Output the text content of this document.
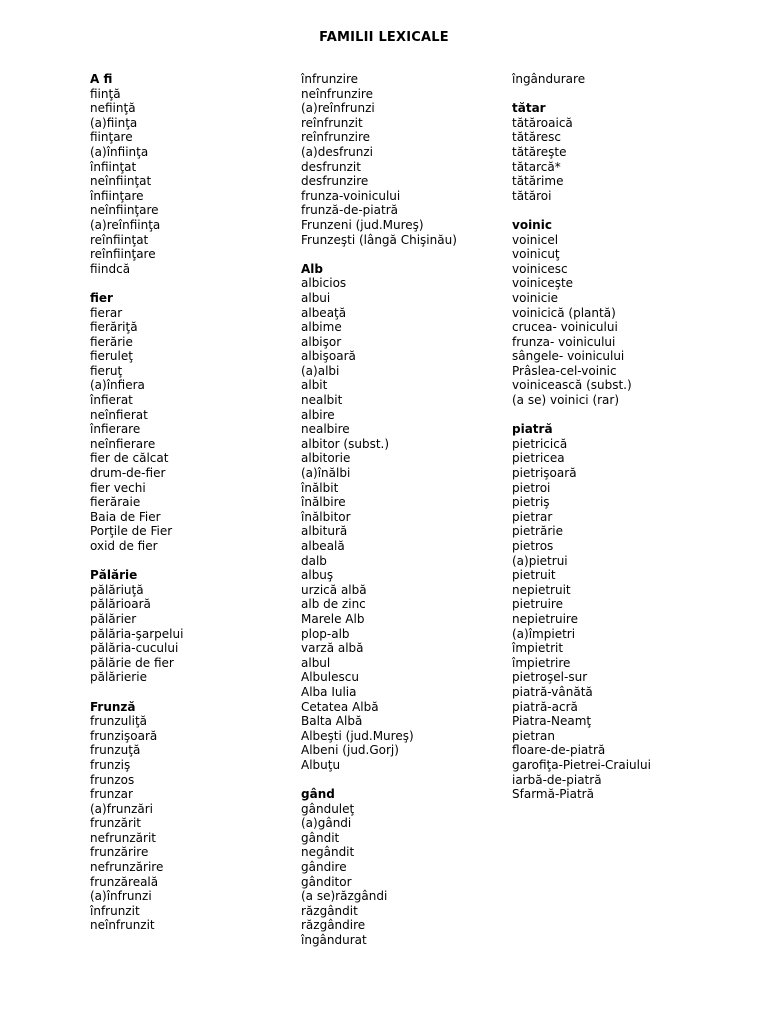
FAMILII LEXICALE
A fi
fiinţă
nefiinţă
(a)fiinţa
fiinţare
(a)înfiinţa
înfiinţat
neînfiinţat
înfiinţare
neînfiinţare
(a)reînfiinţa
reînfiinţat
reînfiinţare
fiindcă
fier
fierar
fierăriţă
fierărie
fieruleţ
fieruţ
(a)înfiera
înfierat
neînfierat
înfierare
neînfierare
fier de călcat
drum-de-fier
fier vechi
fierăraie
Baia de Fier
Porţile de Fier
oxid de fier
Pălărie
pălăriuţă
pălărioară
pălărier
pălăria-şarpelui
pălăria-cucului
pălărie de fier
pălărierie
Frunză
frunzuliţă
frunzişoară
frunzuţă
frunziş
frunzos
frunzar
(a)frunzări
frunzărit
nefrunzărit
frunzărire
nefrunzărire
frunzăreală
(a)înfrunzi
înfrunzit
neînfrunzit
înfrunzire
neînfrunzire
(a)reînfrunzi
reînfrunzit
reînfrunzire
(a)desfrunzi
desfrunzit
desfrunzire
frunza-voinicului
frunză-de-piatră
Frunzeni (jud.Mureş)
Frunzeşti (lângă Chişinău)
Alb
albicios
albui
albeaţă
albime
albişor
albişoară
(a)albi
albit
nealbit
albire
nealbire
albitor (subst.)
albitorie
(a)înălbi
înălbit
înălbire
înălbitor
albitură
albeală
dalb
albuş
urzică albă
alb de zinc
Marele Alb
plop-alb
varză albă
albul
Albulescu
Alba Iulia
Cetatea Albă
Balta Albă
Albeşti (jud.Mureş)
Albeni (jud.Gorj)
Albuţu
gând
gânduleţ
(a)gândi
gândit
negândit
gândire
gânditor
(a se)răzgândi
răzgândit
răzgândire
îngândurat
îngândurare
tătar
tătăroaică
tătăresc
tătăreşte
tătarcă*
tătărime
tătăroi
voinic
voinicel
voinicuţ
voinicesc
voiniceşte
voinicie
voinicică (plantă)
crucea- voinicului
frunza- voinicului
sângele- voinicului
Prâslea-cel-voinic
voinicească (subst.)
(a se) voinici (rar)
piatră
pietricică
pietricea
pietrişoară
pietroi
pietriş
pietrar
pietrărie
pietros
(a)pietrui
pietruit
nepietruit
pietruire
nepietruire
(a)împietri
împietrit
împietrire
pietroşel-sur
piatră-vânătă
piatră-acră
Piatra-Neamţ
pietran
floare-de-piatră
garofiţa-Pietrei-Craiului
iarbă-de-piatră
Sfarmă-Piatră
